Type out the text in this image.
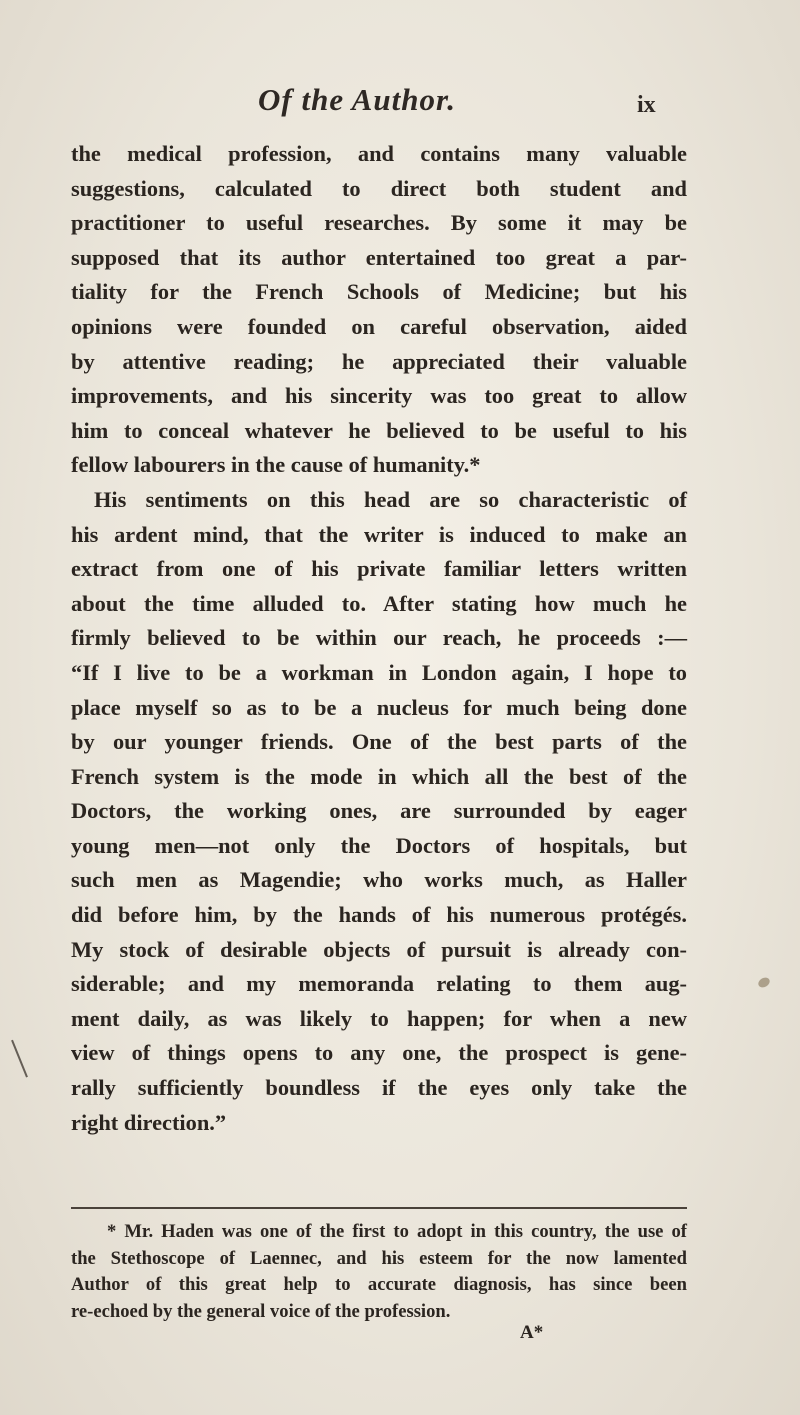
Of the Author.	ix
the medical profession, and contains many valuable
suggestions, calculated to direct both student and
practitioner to useful researches. By some it may be
supposed that its author entertained too great a par-
tiality for the French Schools of Medicine; but his
opinions were founded on careful observation, aided
by attentive reading; he appreciated their valuable
improvements, and his sincerity was too great to allow
him to conceal whatever he believed to be useful to his
fellow labourers in the cause of humanity.*
His sentiments on this head are so characteristic of
his ardent mind, that the writer is induced to make an
extract from one of his private familiar letters written
about the time alluded to. After stating how much he
firmly believed to be within our reach, he proceeds :—
“If I live to be a workman in London again, I hope to
place myself so as to be a nucleus for much being done
by our younger friends. One of the best parts of the
French system is the mode in which all the best of the
Doctors, the working ones, are surrounded by eager
young men—not only the Doctors of hospitals, but
such men as Magendie; who works much, as Haller
did before him, by the hands of his numerous protégés.
My stock of desirable objects of pursuit is already con-
siderable; and my memoranda relating to them aug-
ment daily, as was likely to happen; for when a new
view of things opens to any one, the prospect is gene-
rally sufficiently boundless if the eyes only take the
right direction.”
* Mr. Haden was one of the first to adopt in this country, the use of
the Stethoscope of Laennec, and his esteem for the now lamented
Author of this great help to accurate diagnosis, has since been
re-echoed by the general voice of the profession.
A*
